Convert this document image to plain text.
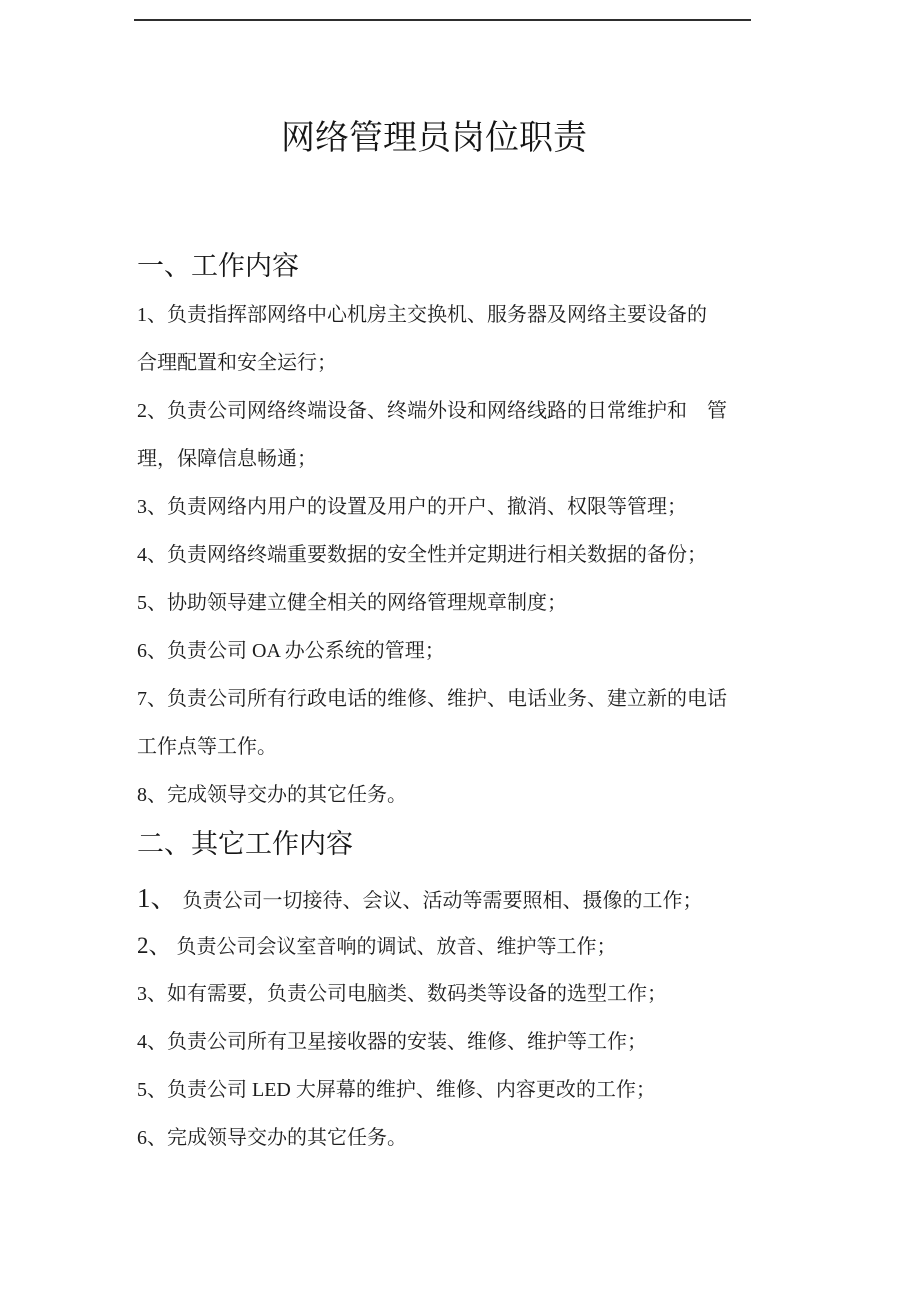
网络管理员岗位职责
一、工作内容
1、负责指挥部网络中心机房主交换机、服务器及网络主要设备的
合理配置和安全运行；
2、负责公司网络终端设备、终端外设和网络线路的日常维护和　管
理，保障信息畅通；
3、负责网络内用户的设置及用户的开户、撤消、权限等管理；
4、负责网络终端重要数据的安全性并定期进行相关数据的备份；
5、协助领导建立健全相关的网络管理规章制度；
6、负责公司 OA 办公系统的管理；
7、负责公司所有行政电话的维修、维护、电话业务、建立新的电话
工作点等工作。
8、完成领导交办的其它任务。
二、其它工作内容
1、 负责公司一切接待、会议、活动等需要照相、摄像的工作；
2、 负责公司会议室音响的调试、放音、维护等工作；
3、如有需要，负责公司电脑类、数码类等设备的选型工作；
4、负责公司所有卫星接收器的安装、维修、维护等工作；
5、负责公司 LED 大屏幕的维护、维修、内容更改的工作；
6、完成领导交办的其它任务。
